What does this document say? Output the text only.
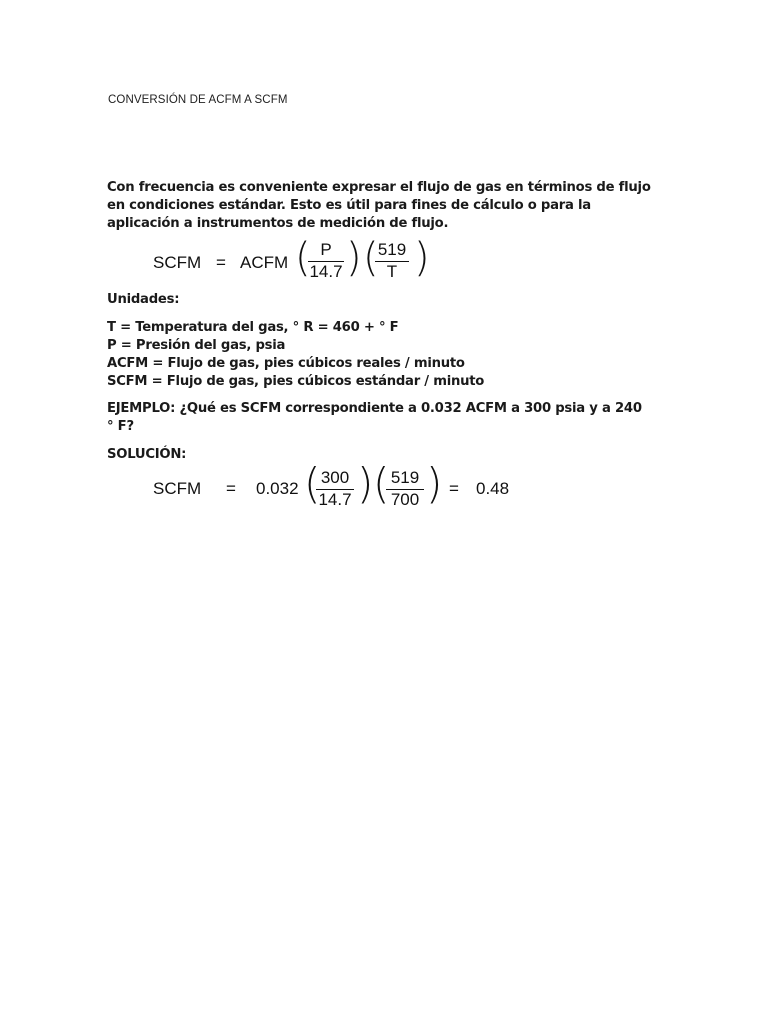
CONVERSIÓN DE ACFM A SCFM
Con frecuencia es conveniente expresar el flujo de gas en términos de flujo
en condiciones estándar. Esto es útil para fines de cálculo o para la
aplicación a instrumentos de medición de flujo.
SCFM = ACFM ( P
14.7 ) ( 519
T )
Unidades:
T = Temperatura del gas, ° R = 460 + ° F
P = Presión del gas, psia
ACFM = Flujo de gas, pies cúbicos reales / minuto
SCFM = Flujo de gas, pies cúbicos estándar / minuto
EJEMPLO: ¿Qué es SCFM correspondiente a 0.032 ACFM a 300 psia y a 240
° F?
SOLUCIÓN:
SCFM = 0.032 ( 300
14.7 ) ( 519
700 ) = 0.48
